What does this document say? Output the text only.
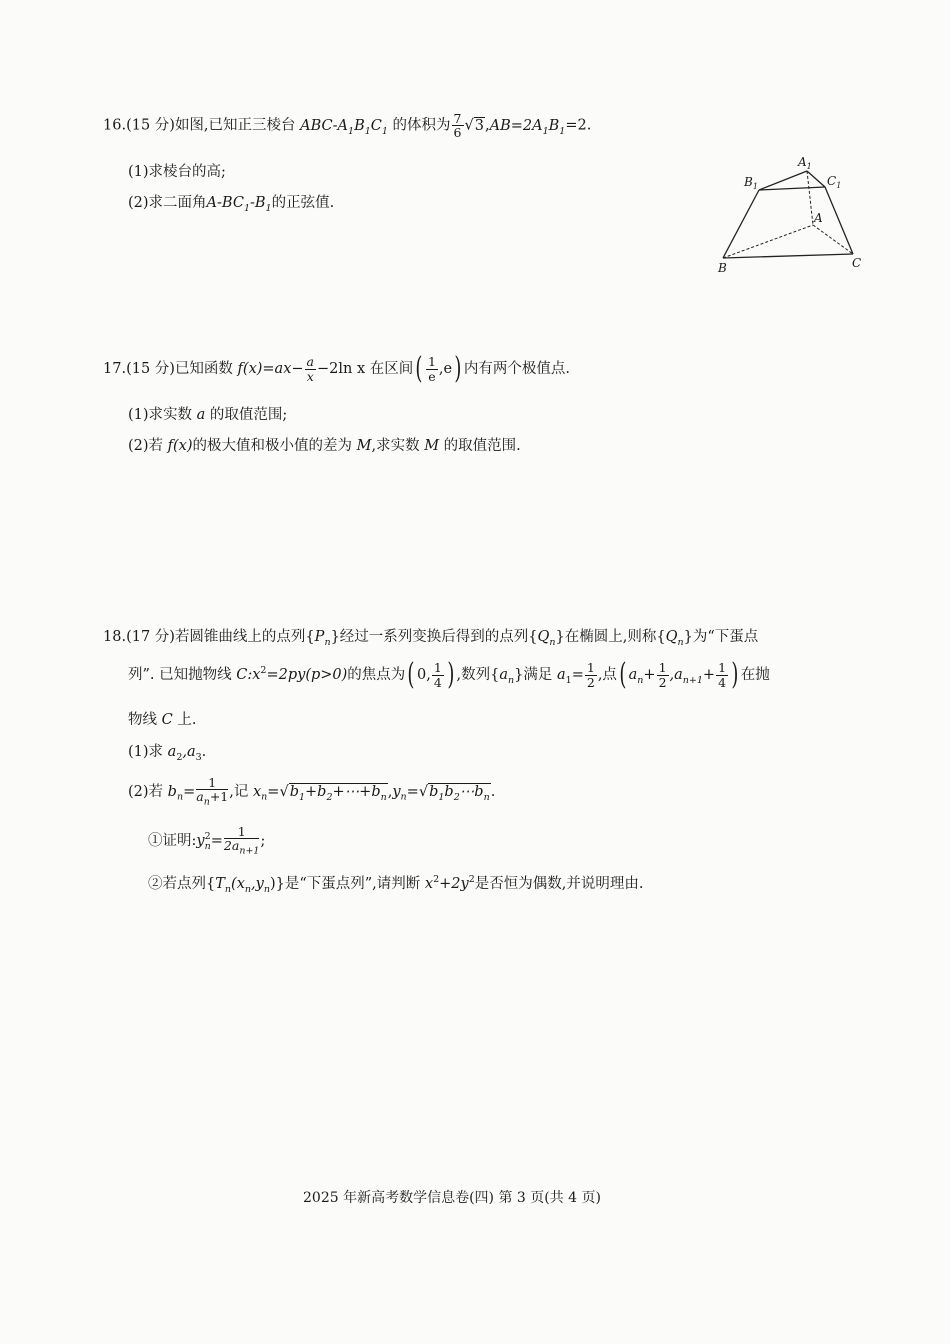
16.(15 分)如图,已知正三棱台 ABC-$A_1B_1C_1$ 的体积为 $\frac{7}{6} √3,AB=2A_1B_1=2$.
(1)求棱台的高;
(2)求二面角$A-BC_1-B_1$的正弦值.
$A_1$
$B_1$	$C_1$
A
B	C
17.(15 分)已知函数 $f(x)=ax- \frac{a}{x} -2\ln$ x 在区间( $\frac{1}{e} ,e$) 内有两个极值点.
(1)求实数 a 的取值范围;
(2)若 f(x)的极大值和极小值的差为 M,求实数 M 的取值范围.
18.(17 分)若圆锥曲线上的点列$\{P_n\}$经过一系列变换后得到的点列$\{Q_n\}$在椭圆上,则称$\{Q_n\}$为“下蛋点
列”. 已知抛物线 $C:x^2=2py(p>0)$的焦点为( 0, $\frac{1}{4}$ ) ,数列$\{a_n\}$满足 $a_1= \frac{1}{2}$ ,点( $a_n+ \frac{1}{2} ,a_{n+1}+ \frac{1}{4}$ ) 在抛
物线 C 上.
(1)求 $a_2,a_3$.
(2)若 $b_n= \frac{1}{a_n+1}$ ,记 $x_n=√b_1+b_2+\cdots+b_n,y_n=√b_1b_2\cdots b_n$.
①证明$:y^2_n= \frac{1}{2a_{n+1}}$ ;
②若点列$\{T_n(x_n,y_n)\}$是“下蛋点列”,请判断 $x^2+2y^2$是否恒为偶数,并说明理由.
2025 年新高考数学信息卷(四) 第 3 页(共 4 页)
